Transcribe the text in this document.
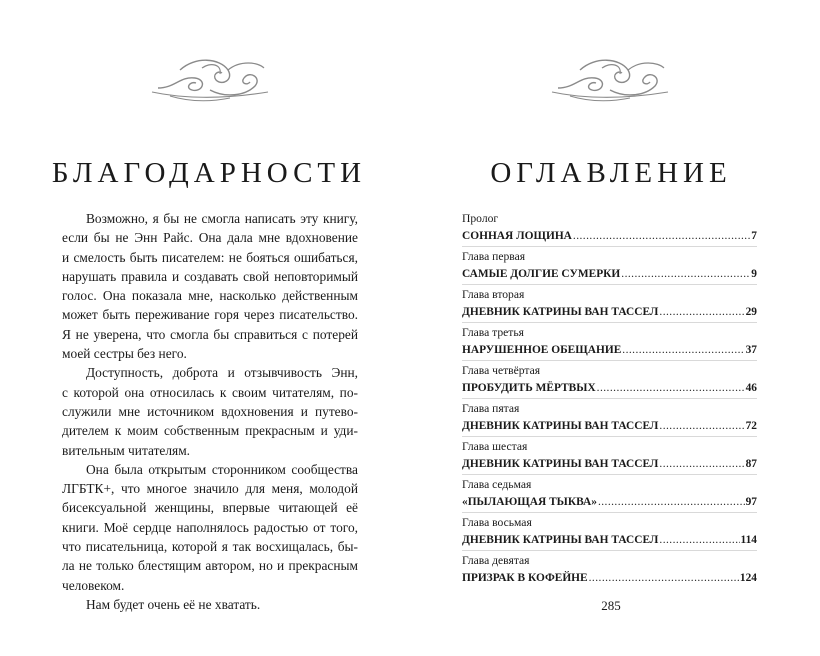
БЛАГОДАРНОСТИ
Возможно, я бы не смогла написать эту книгу,
если бы не Энн Райс. Она дала мне вдохновение
и смелость быть писателем: не бояться ошибаться,
нарушать правила и создавать свой неповторимый
голос. Она показала мне, насколько действенным
может быть переживание горя через писательство.
Я не уверена, что смогла бы справиться с потерей
моей сестры без него.
Доступность, доброта и отзывчивость Энн,
с которой она относилась к своим читателям, по-
служили мне источником вдохновения и путево-
дителем к моим собственным прекрасным и уди-
вительным читателям.
Она была открытым сторонником сообщества
ЛГБТК+, что многое значило для меня, молодой
бисексуальной женщины, впервые читающей её
книги. Моё сердце наполнялось радостью от того,
что писательница, которой я так восхищалась, бы-
ла не только блестящим автором, но и прекрасным
человеком.
Нам будет очень её не хватать.
ОГЛАВЛЕНИЕ
Пролог
СОННАЯ ЛОЩИНА . . .	7
Глава первая
САМЫЕ ДОЛГИЕ СУМЕРКИ . . .	9
Глава вторая
ДНЕВНИК КАТРИНЫ ВАН ТАССЕЛ . . .	29
Глава третья
НАРУШЕННОЕ ОБЕЩАНИЕ . . .	37
Глава четвёртая
ПРОБУДИТЬ МЁРТВЫХ . . .	46
Глава пятая
ДНЕВНИК КАТРИНЫ ВАН ТАССЕЛ . . .	72
Глава шестая
ДНЕВНИК КАТРИНЫ ВАН ТАССЕЛ . . .	87
Глава седьмая
«ПЫЛАЮЩАЯ ТЫКВА» . . .	97
Глава восьмая
ДНЕВНИК КАТРИНЫ ВАН ТАССЕЛ . . .	114
Глава девятая
ПРИЗРАК В КОФЕЙНЕ . . .	124
285
